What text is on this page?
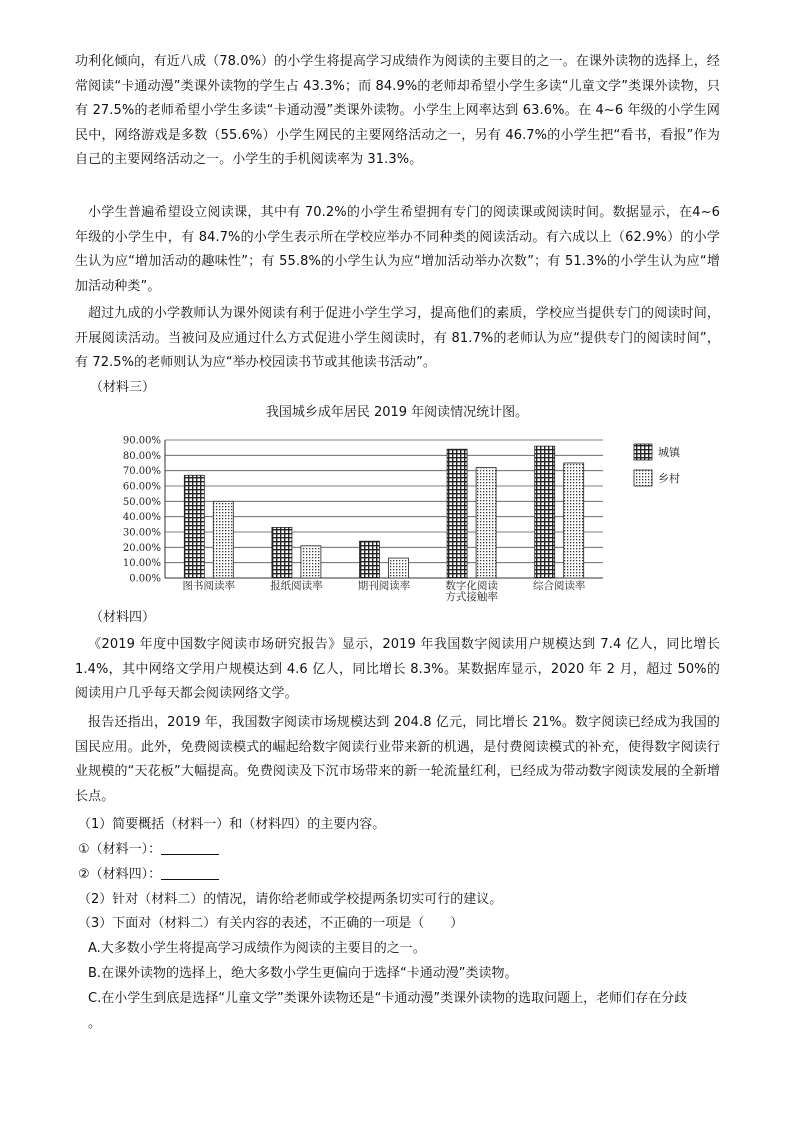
功利化倾向，有近八成（78.0%）的小学生将提高学习成绩作为阅读的主要目的之一。在课外读物的选择上，经常阅读“卡通动漫”类课外读物的学生占 43.3%；而 84.9%的老师却希望小学生多读“儿童文学”类课外读物，只有 27.5%的老师希望小学生多读“卡通动漫”类课外读物。小学生上网率达到 63.6%。在 4~6 年级的小学生网民中，网络游戏是多数（55.6%）小学生网民的主要网络活动之一，另有 46.7%的小学生把“看书，看报”作为自己的主要网络活动之一。小学生的手机阅读率为 31.3%。

小学生普遍希望设立阅读课，其中有 70.2%的小学生希望拥有专门的阅读课或阅读时间。数据显示，在4~6 年级的小学生中，有 84.7%的小学生表示所在学校应举办不同种类的阅读活动。有六成以上（62.9%）的小学生认为应“增加活动的趣味性”；有 55.8%的小学生认为应“增加活动举办次数”；有 51.3%的小学生认为应“增加活动种类”。

超过九成的小学教师认为课外阅读有利于促进小学生学习，提高他们的素质，学校应当提供专门的阅读时间，开展阅读活动。当被问及应通过什么方式促进小学生阅读时，有 81.7%的老师认为应“提供专门的阅读时间”，有 72.5%的老师则认为应“举办校园读书节或其他读书活动”。

（材料三）

我国城乡成年居民 2019 年阅读情况统计图。
0.00%
10.00%
20.00%
30.00%
40.00%
50.00%
60.00%
70.00%
80.00%
90.00%
图书阅读率	报纸阅读率	期刊阅读率	数字化阅读
方式接触率
综合阅读率
城镇
乡村

（材料四）

《2019 年度中国数字阅读市场研究报告》显示，2019 年我国数字阅读用户规模达到 7.4 亿人，同比增长 1.4%，其中网络文学用户规模达到 4.6 亿人，同比增长 8.3%。某数据库显示，2020 年 2 月，超过 50%的阅读用户几乎每天都会阅读网络文学。

报告还指出，2019 年，我国数字阅读市场规模达到 204.8 亿元，同比增长 21%。数字阅读已经成为我国的国民应用。此外，免费阅读模式的崛起给数字阅读行业带来新的机遇，是付费阅读模式的补充，使得数字阅读行业规模的“天花板”大幅提高。免费阅读及下沉市场带来的新一轮流量红利，已经成为带动数字阅读发展的全新增长点。

（1）简要概括（材料一）和（材料四）的主要内容。

①（材料一）：

②（材料四）：

（2）针对（材料二）的情况，请你给老师或学校提两条切实可行的建议。

（3）下面对（材料二）有关内容的表述，不正确的一项是（　　）

A.大多数小学生将提高学习成绩作为阅读的主要目的之一。

B.在课外读物的选择上，绝大多数小学生更偏向于选择“卡通动漫”类读物。

C.在小学生到底是选择“儿童文学”类课外读物还是“卡通动漫”类课外读物的选取问题上，老师们存在分歧

。
